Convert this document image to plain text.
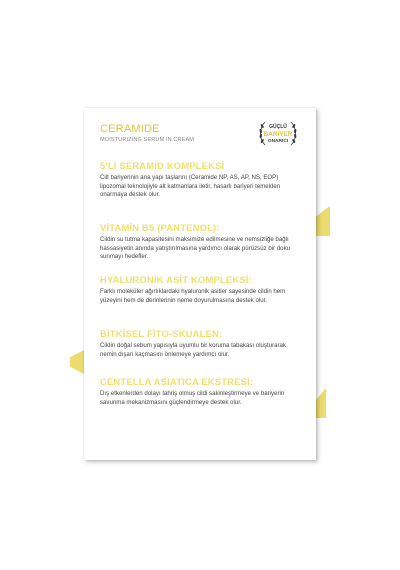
CERAMIDE
MOISTURIZING SERUM IN CREAM
GÜÇLÜ
BARİYER
ONARICI
5'Lİ SERAMİD KOMPLEKSİ
Cilt bariyerinin ana yapı taşlarını (Ceramide NP, AS, AP, NS, EOP) lipozomal teknolojiyle alt katmanlara iletir, hasarlı bariyeri temelden onarmaya destek olur.
VİTAMİN B5 (PANTENOL):
Cildin su tutma kapasitesini maksimize edilmesine ve nemsizliğe bağlı hassasiyetin anında yatıştırılmasına yardımcı olarak pürüzsüz bir doku sunmayı hedefler.
HYALURONİK ASİT KOMPLEKSİ:
Farklı moleküler ağırlıklardaki hyaluronik asitler sayesinde cildin hem yüzeyini hem de derinlerinin neme doyurulmasına destek olur.
BİTKİSEL FİTO-SKUALEN:
Cildin doğal sebum yapısıyla uyumlu bir koruma tabakası oluşturarak nemin dışarı kaçmasını önlemeye yardımcı olur.
CENTELLA ASIATICA EKSTRESİ:
Dış etkenlerden dolayı tahriş olmuş cildi sakinleştirmeye ve bariyerin savunma mekanizmasını güçlendirmeye destek olur.
